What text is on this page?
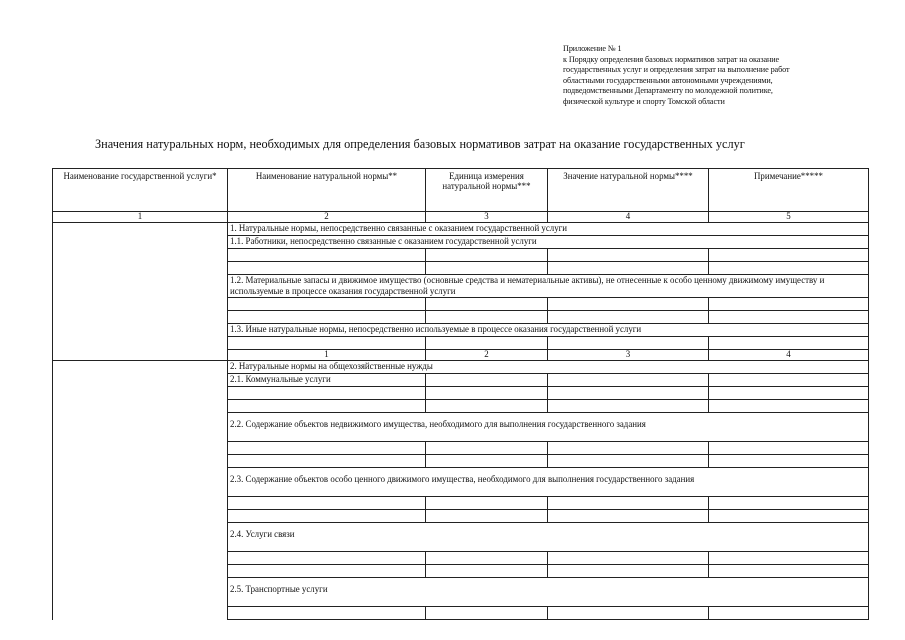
Приложение № 1
к Порядку определения базовых нормативов затрат на оказание
государственных услуг и определения затрат на выполнение работ
областными государственными автономными учреждениями,
подведомственными Департаменту по молодежной политике,
физической культуре и спорту Томской области
Значения натуральных норм, необходимых для определения базовых нормативов затрат на оказание государственных услуг
Наименование государственной услуги*	Наименование натуральной нормы**	Единица измерения натуральной нормы***	Значение натуральной нормы****	Примечание*****	
1	2	3	4	5	
	1. Натуральные нормы, непосредственно связанные с оказанием государственной услуги				
	1.1. Работники, непосредственно связанные с оказанием государственной услуги				

	1.2. Материальные запасы и движимое имущество (основные средства и нематериальные активы), не отнесенные к особо ценному движимому имуществу и используемые в процессе оказания государственной услуги				

	1.3. Иные натуральные нормы, непосредственно используемые в процессе оказания государственной услуги				

	1	2	3	4	
	2. Натуральные нормы на общехозяйственные нужды				
	2.1. Коммунальные услуги				

	2.2. Содержание объектов недвижимого имущества, необходимого для выполнения государственного задания				

	2.3. Содержание объектов особо ценного движимого имущества, необходимого для выполнения государственного задания				

	2.4. Услуги связи				

	2.5. Транспортные услуги				
